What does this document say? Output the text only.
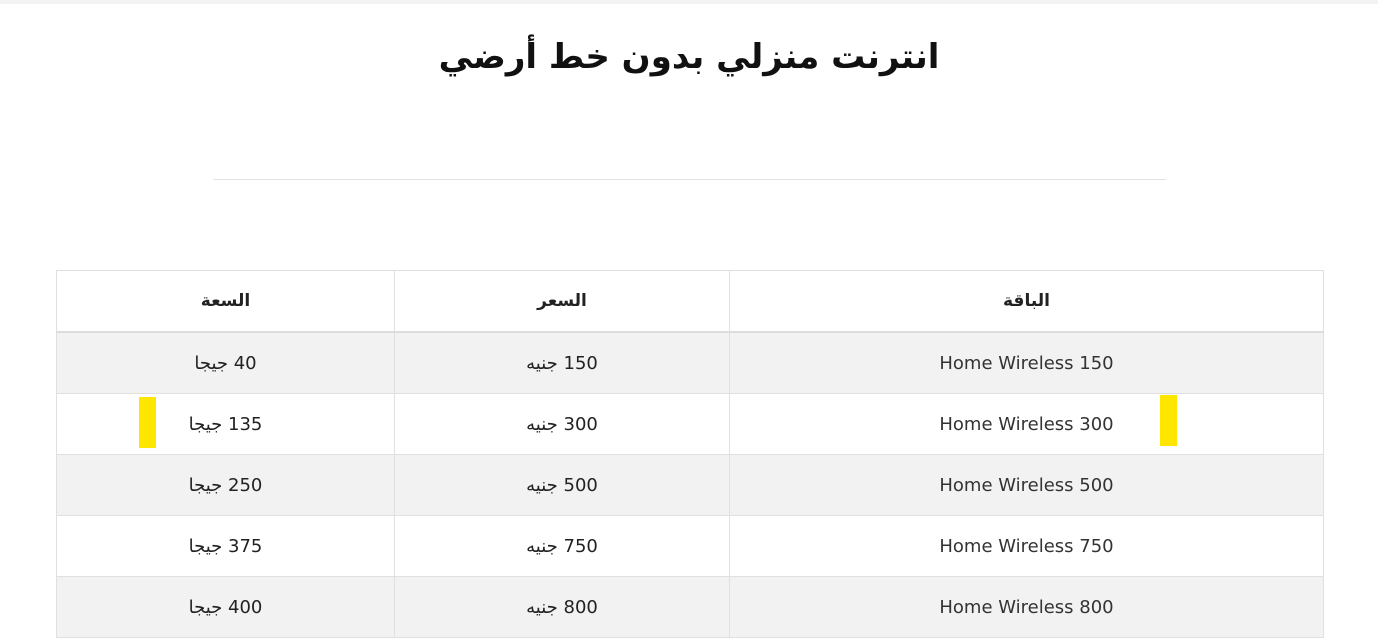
انترنت منزلي بدون خط أرضي
الباقة	السعر	السعة
Home Wireless 150	150 جنيه	40 جيجا
Home Wireless 300	300 جنيه	135 جيجا
Home Wireless 500	500 جنيه	250 جيجا
Home Wireless 750	750 جنيه	375 جيجا
Home Wireless 800	800 جنيه	400 جيجا
